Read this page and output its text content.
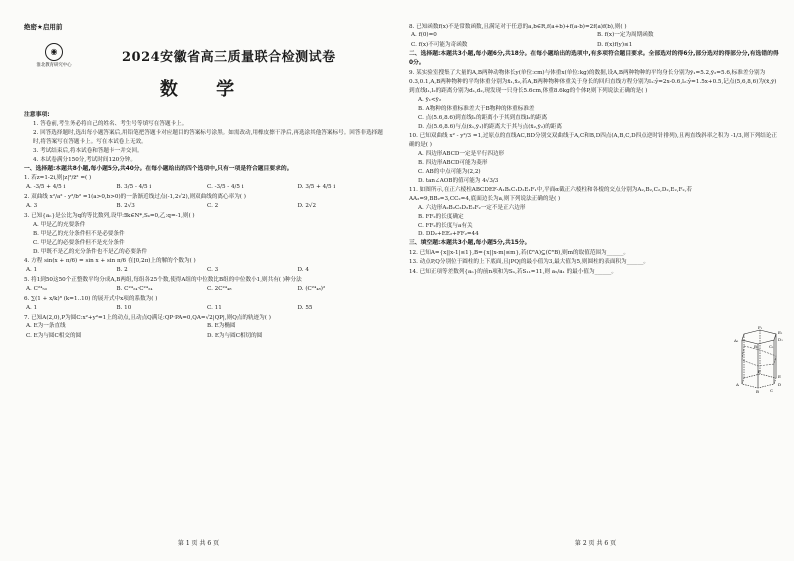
绝密★启用前
◉
淮北教育研究中心
2024安徽省高三质量联合检测试卷
数 学

注意事项:

1. 答卷前,考生务必将自己的姓名、考生号等填写在答题卡上。

2. 回答选择题时,选出每小题答案后,用铅笔把答题卡对应题目的答案标号涂黑。如需改动,用橡皮擦干净后,再选涂其他答案标号。回答非选择题时,将答案写在答题卡上。写在本试卷上无效。

3. 考试结束后,将本试卷和答题卡一并交回。

4. 本试卷满分150分,考试时间120分钟。

一、选择题:本题共8小题,每小题5分,共40分。在每小题给出的四个选项中,只有一项是符合题目要求的。

1. 若z=1-2i,则|z|²/z̄² =( )

A. -3/5 + 4/5 i	B. 3/5 - 4/5 i	C. -3/5 - 4/5 i	D. 3/5 + 4/5 i

2. 双曲线 x²/a² - y²/b² =1(a>0,b>0)的一条渐近线过点(-1,2√2),则双曲线的离心率为( )

A. 3	B. 2√3	C. 2	D. 2√2

3. 已知{aₙ}是公比为q的等比数列,设甲:∃k∈N*,Sₖ=0,乙:q=-1,则( )

A. 甲是乙的充要条件

B. 甲是乙的充分条件但不是必要条件

C. 甲是乙的必要条件但不是充分条件

D. 甲既不是乙的充分条件也不是乙的必要条件

4. 方程 sin(x + π/6) = sin x + sin π/6 在[0,2π)上的解的个数为( )

A. 1	B. 2	C. 3	D. 4

5. 将1到50这50个正整数平均分成A,B两组,每组各25个数,使得A组的中位数比B组的中位数小1,则共有( )种分法

A. C²⁴₅₀	B. C²⁴₂₄·C²⁴₂₄	C. 2C²⁴₄₈	D. (C²⁴₄₈)²

6. ∑(1 + x/k)⁸ (k=1..10) 的展开式中x项的系数为( )

A. 1	B. 10	C. 11	D. 55

7. 已知A(2,0),P为圆C:x²+y²=1上的动点,且动点Q满足:QP·PA=0,QA=√2|QP|,则Q点的轨迹为( )

A. E为一条直线	B. E为椭圆
C. E为与圆C相交的圆	D. E为与圆C相切的圆
第 1 页 共 6 页

8. 已知函数f(x)不是常数函数,且满足对于任意的a,b∈R,f(a+b)+f(a-b)=2f(a)f(b),则( )

A. f(0)=0	B. f(x)一定为周期函数
C. f(x)不可能为奇函数	D. f(x)f(y)≤1

二、选择题:本题共3小题,每小题6分,共18分。在每小题给出的选项中,有多项符合题目要求。全部选对的得6分,部分选对的得部分分,有选错的得0分。

9. 某实验室搜集了大量的A,B两种动物体长y(单位:cm)与体重x(单位:kg)的数据,设A,B两种物种的平均身长分别为ȳ₁=5.2,ȳ₂=5.6,标准差分别为0.3,0.1,A,B两种物种的平均体重分别为x̄₁,x̄₂,若A,B两种物种体重关于身长的回归直线方程分别为l₁:ŷ=2x-0.6,l₂:ŷ=1.5x+0.5,记点(5,6,8,6)为(x̄,ȳ)到直线l₁,l₂的距离分别为d₁,d₂,现发现一只身长5.6cm,体重8.6kg的个体P,则下列说法正确的是( )

A. ȳ₁<ȳ₂

B. A物种的体重标准差大于B物种的体重标准差

C. 点(5.6,8.6)到直线l₁的距离小于其到直线l₂的距离

D. 点(5.6,8.6)与点(x̄₁,ȳ₁)的距离大于其与点(x̄₂,ȳ₂)的距离

10. 已知双曲线 x² - y²/3 =1,过原点的直线AC,BD分别交双曲线于A,C和B,D四点(A,B,C,D四点逆时针排列),且两直线斜率之积为 -1/3,则下列结论正确的是( )

A. 四边形ABCD一定是平行四边形

B. 四边形ABCD可能为菱形

C. AB的中点可能为(2,2)

D. tan∠AOB的值可能为 4√3/3

11. 如图所示,在正六棱柱ABCDEF-A₁B₁C₁D₁E₁F₁中,平面α截正六棱柱和各棱的交点分别为A₂,B₂,C₂,D₂,E₂,F₂,若AA₂=9,BB₂=3,CC₂=4,底面边长为a,则下列说法正确的是( )

A. 六边形A₂B₂C₂D₂E₂F₂一定不是正六边形

B. FF₂的长度确定

C. FF₂的长度与a有关

D. DD₂+EE₂+FF₂=44

三、填空题:本题共3小题,每小题5分,共15分。

12. 已知A={x||x-1|≤1},B={x||x-m|≤m},若(∁ᴿA)⊆(∁ᴿB),则m的取值范围为______。

13. 动点P,Q分别位于圆柱的上下底面,且|PQ|的最小值为3,最大值为5,则圆柱的表面积为______。

14. 已知正项等差数列{aₙ}的前n项和为Sₙ,若S₁₁=11,则 a₅/a₁ 的最小值为______。

F₁
E₁
A₁	D₁
B₁	C₁
F
E
A	D
B	C
第 2 页 共 6 页
